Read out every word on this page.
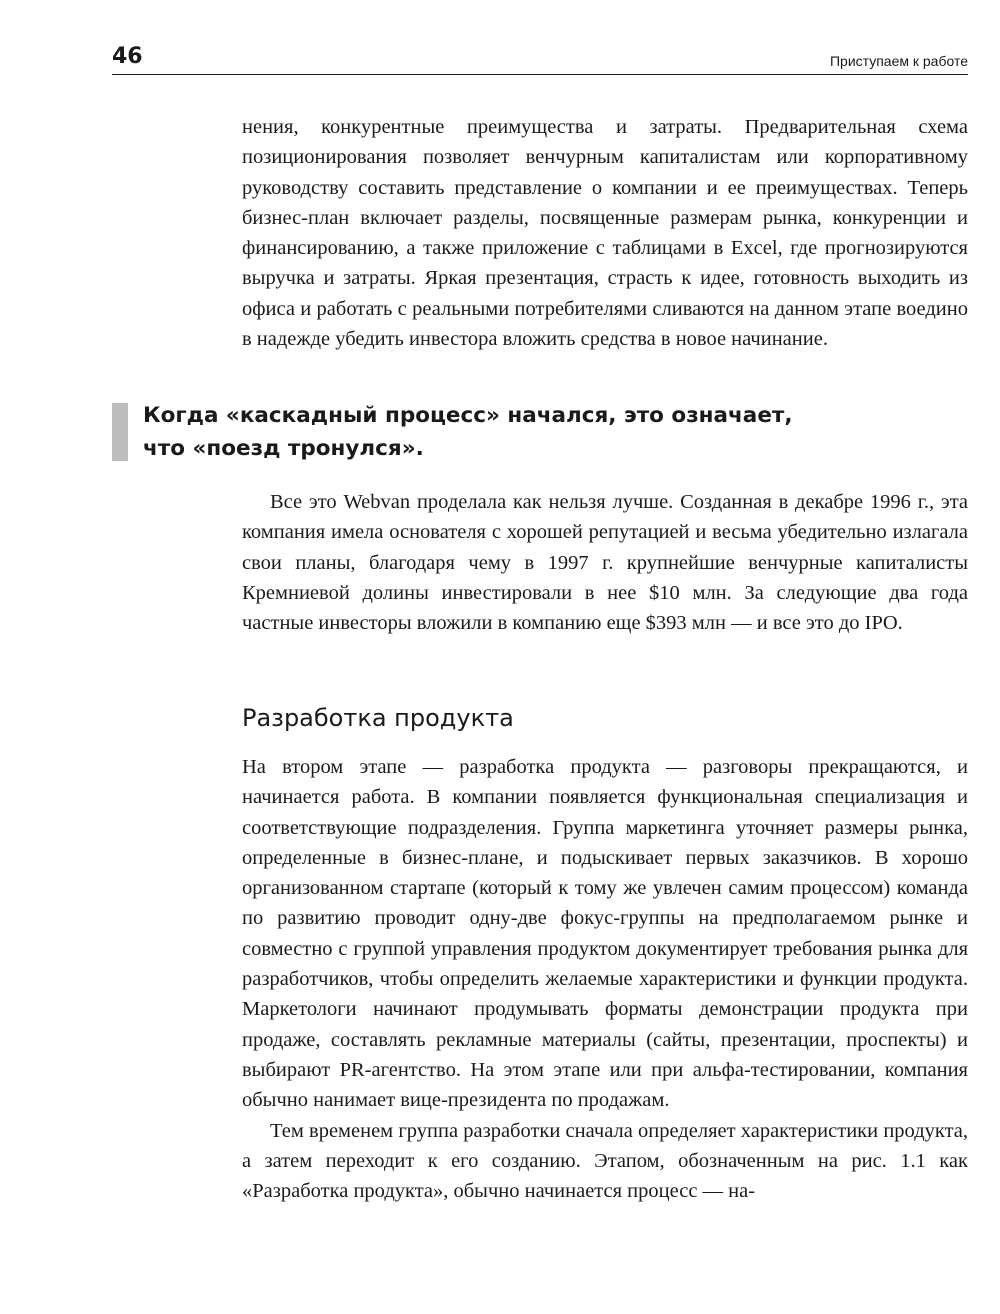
46	Приступаем к работе

нения, конкурентные преимущества и затраты. Предварительная схема позиционирования позволяет венчурным капиталистам или корпоративному руководству составить представление о компании и ее преимуществах. Теперь бизнес-план включает разделы, посвященные размерам рынка, конкуренции и финансированию, а также приложение с таблицами в Excel, где прогнозируются выручка и затраты. Яркая презентация, страсть к идее, готовность выходить из офиса и работать с реальными потребителями сливаются на данном этапе воедино в надежде убедить инвестора вложить средства в новое начинание.

Когда «каскадный процесс» начался, это означает, что «поезд тронулся».

Все это Webvan проделала как нельзя лучше. Созданная в декабре 1996 г., эта компания имела основателя с хорошей репутацией и весьма убедительно излагала свои планы, благодаря чему в 1997 г. крупнейшие венчурные капиталисты Кремниевой долины инвестировали в нее $10 млн. За следующие два года частные инвесторы вложили в компанию еще $393 млн — и все это до IPO.

Разработка продукта

На втором этапе — разработка продукта — разговоры прекращаются, и начинается работа. В компании появляется функциональная специализация и соответствующие подразделения. Группа маркетинга уточняет размеры рынка, определенные в бизнес-плане, и подыскивает первых заказчиков. В хорошо организованном стартапе (который к тому же увлечен самим процессом) команда по развитию проводит одну-две фокус-группы на предполагаемом рынке и совместно с группой управления продуктом документирует требования рынка для разработчиков, чтобы определить желаемые характеристики и функции продукта. Маркетологи начинают продумывать форматы демонстрации продукта при продаже, составлять рекламные материалы (сайты, презентации, проспекты) и выбирают PR-агентство. На этом этапе или при альфа-тестировании, компания обычно нанимает вице-президента по продажам.

Тем временем группа разработки сначала определяет характеристики продукта, а затем переходит к его созданию. Этапом, обозначенным на рис. 1.1 как «Разработка продукта», обычно начинается процесс — на-
